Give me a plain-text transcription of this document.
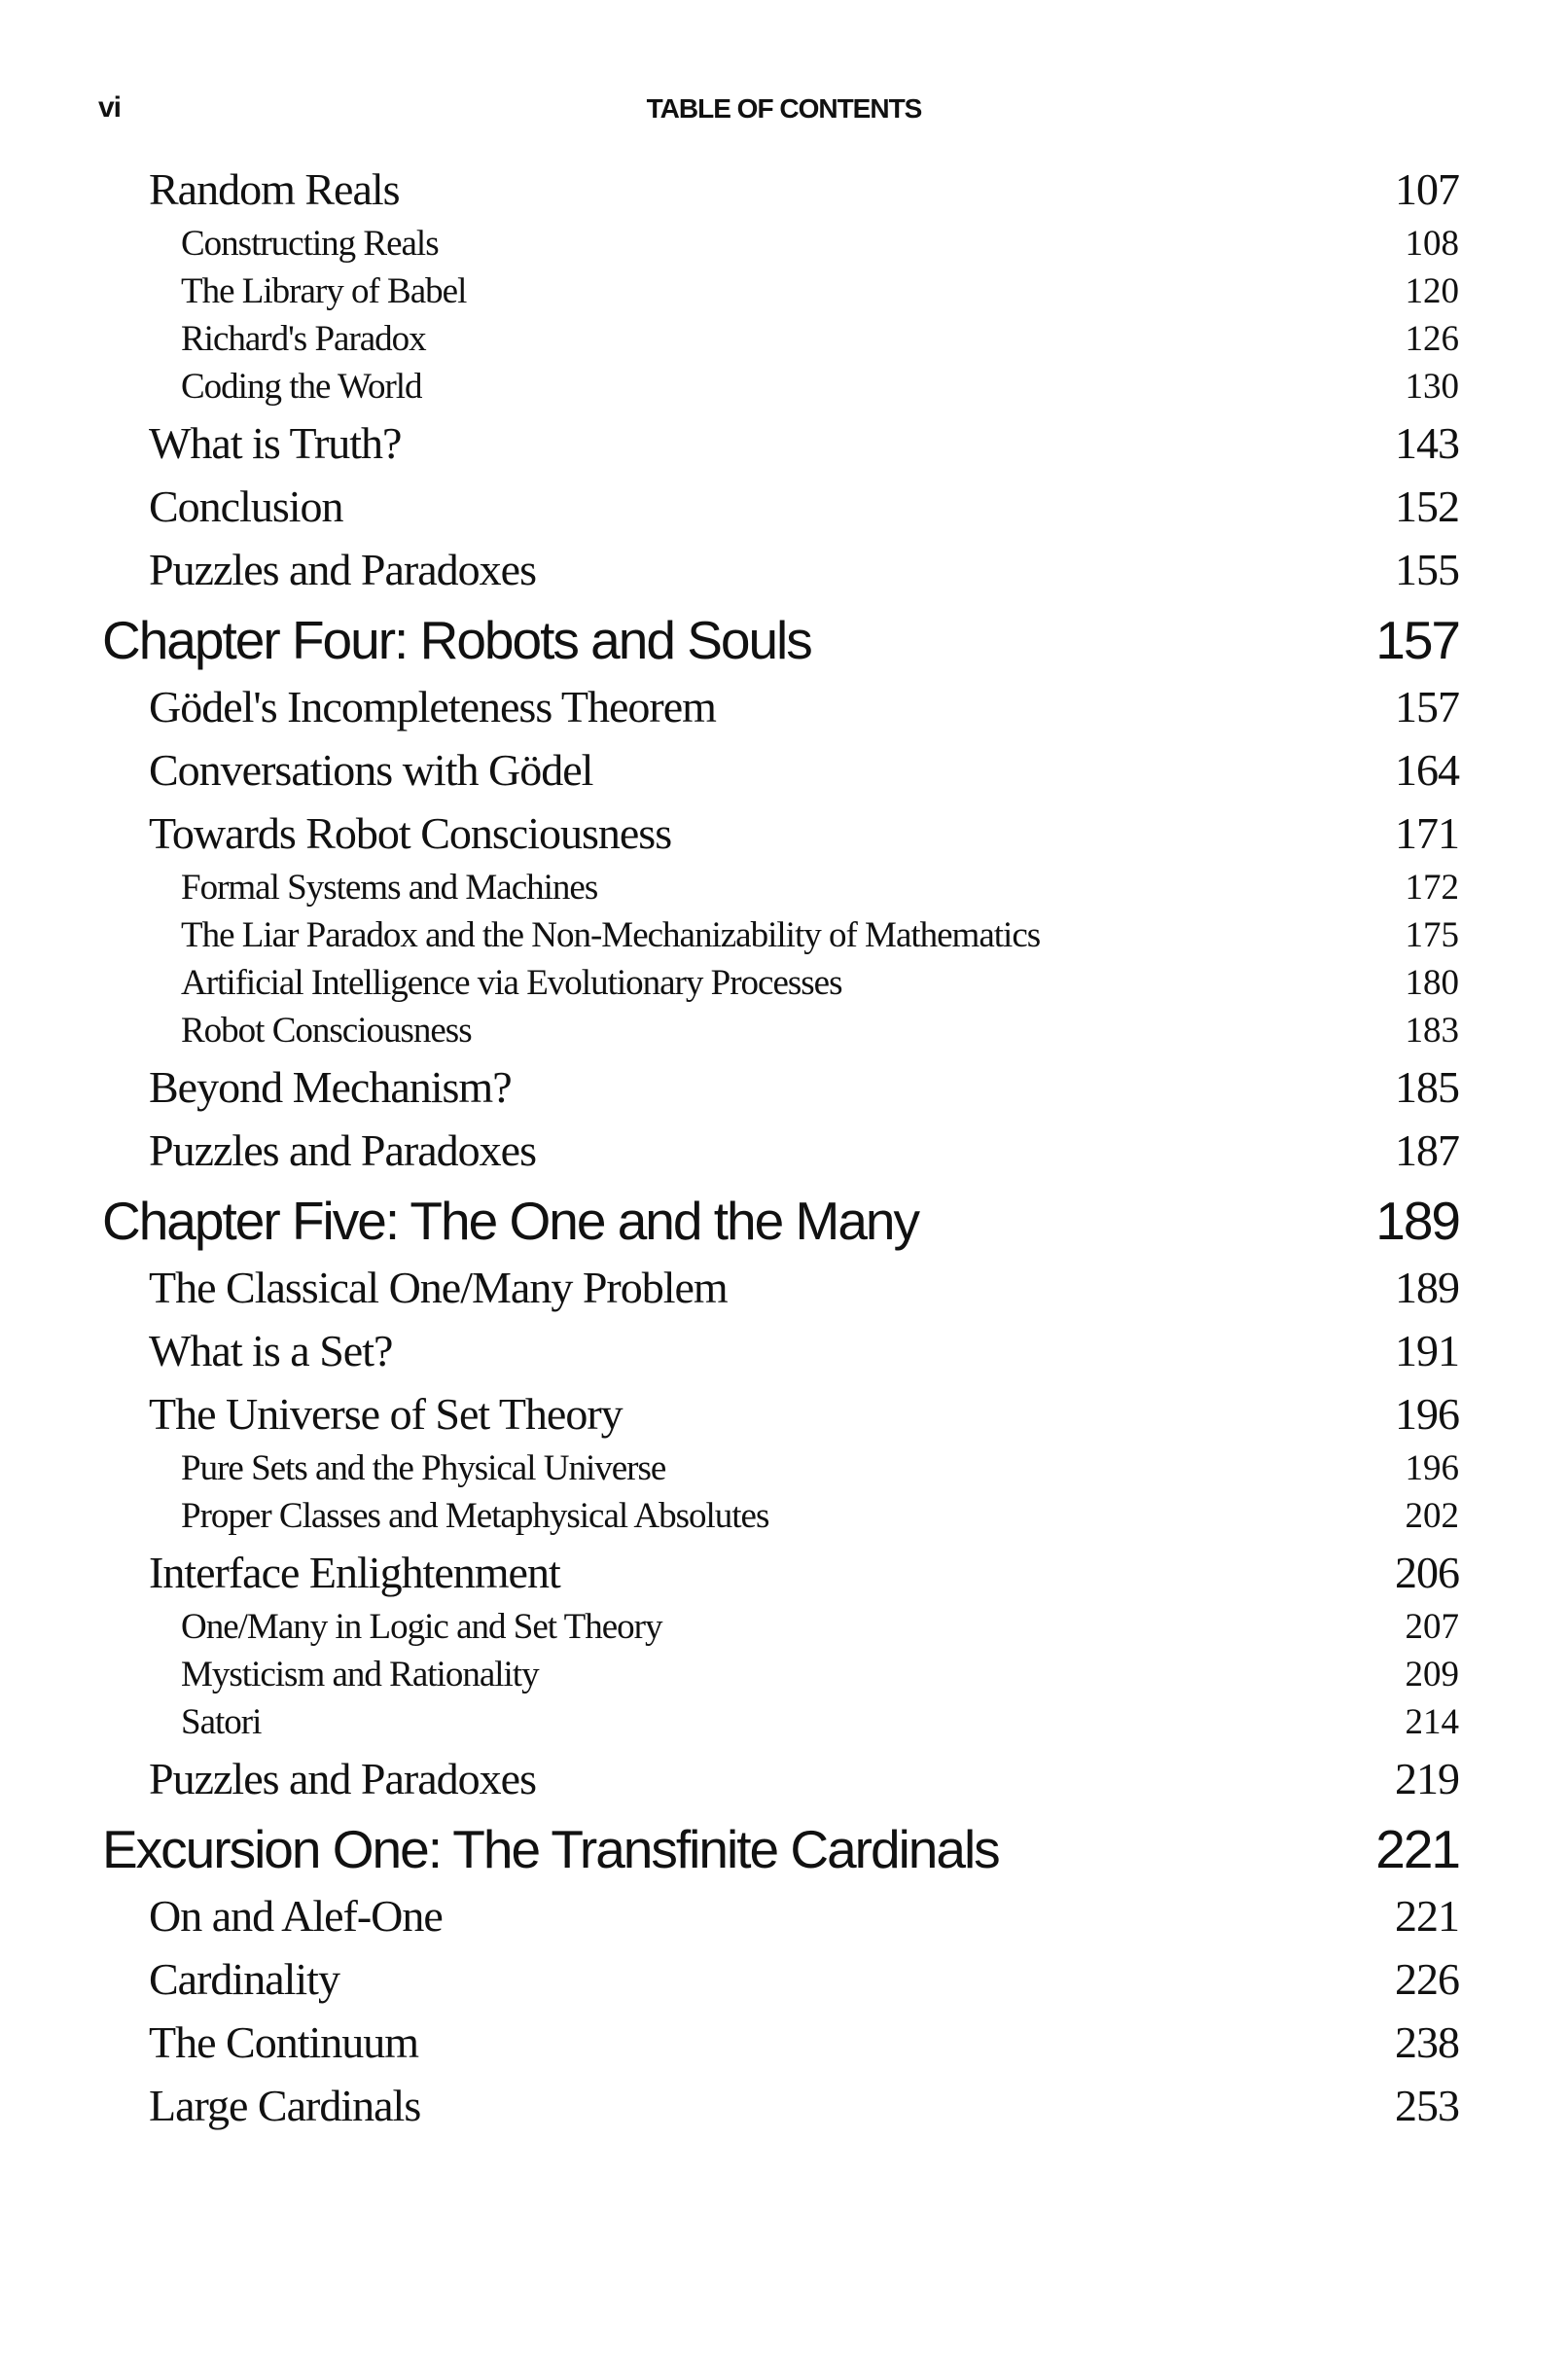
vi	TABLE OF CONTENTS
Random Reals	107
Constructing Reals	108
The Library of Babel	120
Richard's Paradox	126
Coding the World	130
What is Truth?	143
Conclusion	152
Puzzles and Paradoxes	155
Chapter Four: Robots and Souls	157
Gödel's Incompleteness Theorem	157
Conversations with Gödel	164
Towards Robot Consciousness	171
Formal Systems and Machines	172
The Liar Paradox and the Non-Mechanizability of Mathematics	175
Artificial Intelligence via Evolutionary Processes	180
Robot Consciousness	183
Beyond Mechanism?	185
Puzzles and Paradoxes	187
Chapter Five: The One and the Many	189
The Classical One/Many Problem	189
What is a Set?	191
The Universe of Set Theory	196
Pure Sets and the Physical Universe	196
Proper Classes and Metaphysical Absolutes	202
Interface Enlightenment	206
One/Many in Logic and Set Theory	207
Mysticism and Rationality	209
Satori	214
Puzzles and Paradoxes	219
Excursion One: The Transfinite Cardinals	221
On and Alef-One	221
Cardinality	226
The Continuum	238
Large Cardinals	253
